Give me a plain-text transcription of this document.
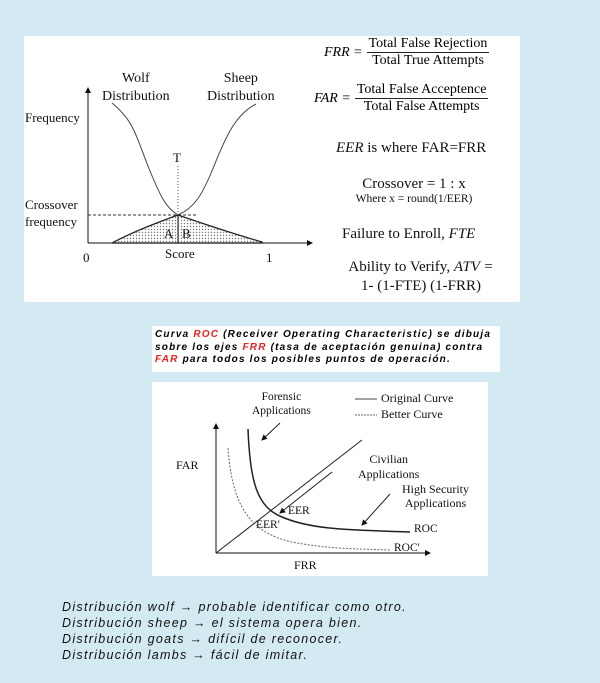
Wolf
Distribution
Sheep
Distribution
Frequency
Crossover
frequency
T
A B
0	Score	1
FRR =
Total False Rejection
Total True Attempts
FAR =
Total False Acceptence
Total False Attempts
EER is where FAR=FRR
Crossover = 1 : x
Where x = round(1/EER)
Failure to Enroll, FTE
Ability to Verify, ATV =
1- (1-FTE) (1-FRR)
Curva ROC (Receiver Operating Characteristic) se dibuja
sobre los ejes FRR (tasa de aceptación genuina) contra
FAR para todos los posibles puntos de operación.
Forensic
Applications
Original Curve
Better Curve
Civilian
Applications
High Security
Applications
FAR
FRR
EER
EER'	ROC
ROC'
Distribución wolf → probable identificar como otro.
Distribución sheep → el sistema opera bien.
Distribución goats → difícil de reconocer.
Distribución lambs → fácil de imitar.
